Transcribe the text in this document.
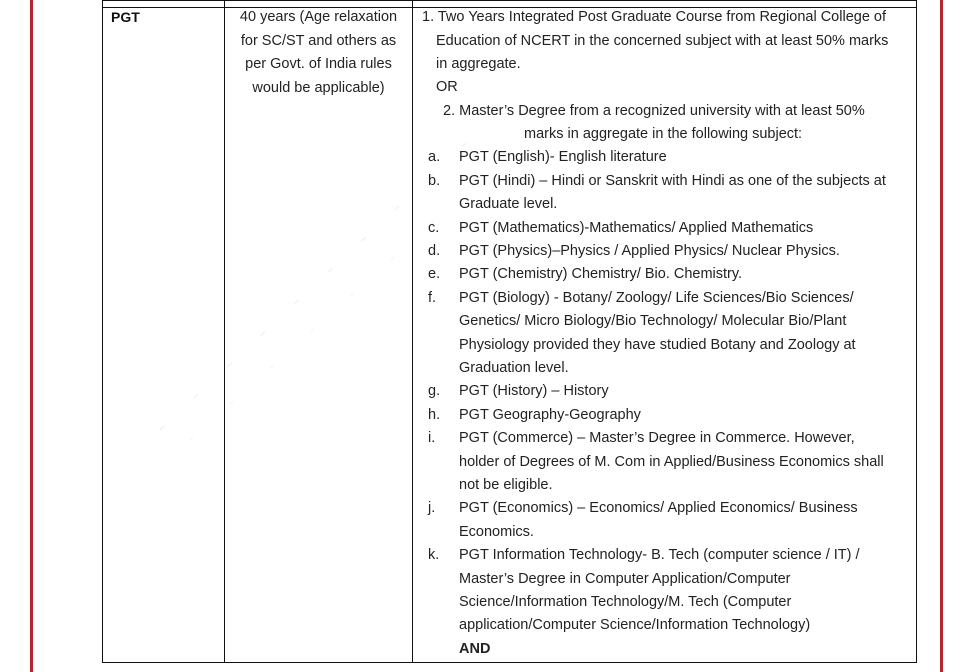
PGT	40 years (Age relaxation
for SC/ST and others as
per Govt. of India rules
would be applicable)
1. Two Years Integrated Post Graduate Course from Regional College of
Education of NCERT in the concerned subject with at least 50% marks
in aggregate.
OR
2. Master’s Degree from a recognized university with at least 50%
marks in aggregate in the following subject:
a. PGT (English)- English literature
b. PGT (Hindi) – Hindi or Sanskrit with Hindi as one of the subjects at
Graduate level.
c. PGT (Mathematics)-Mathematics/ Applied Mathematics
d. PGT (Physics)–Physics / Applied Physics/ Nuclear Physics.
e. PGT (Chemistry) Chemistry/ Bio. Chemistry.
f. PGT (Biology) - Botany/ Zoology/ Life Sciences/Bio Sciences/
Genetics/ Micro Biology/Bio Technology/ Molecular Bio/Plant
Physiology provided they have studied Botany and Zoology at
Graduation level.
g. PGT (History) – History
h. PGT Geography-Geography
i. PGT (Commerce) – Master’s Degree in Commerce. However,
holder of Degrees of M. Com in Applied/Business Economics shall
not be eligible.
j. PGT (Economics) – Economics/ Applied Economics/ Business
Economics.
k. PGT Information Technology- B. Tech (computer science / IT) /
Master’s Degree in Computer Application/Computer
Science/Information Technology/M. Tech (Computer
application/Computer Science/Information Technology)
AND
